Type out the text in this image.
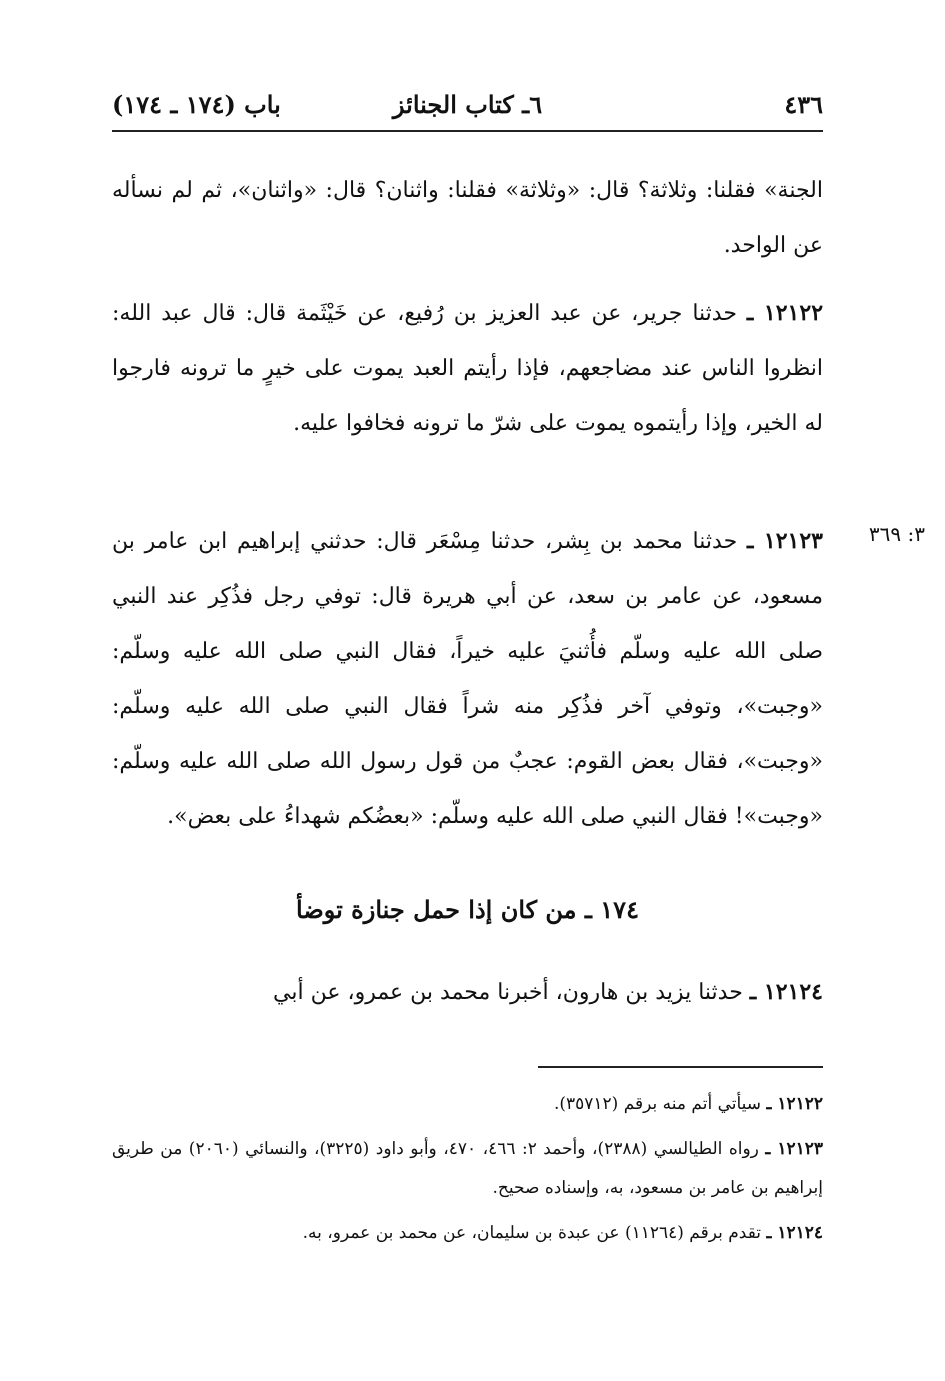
٤٣٦
٦ـ كتاب الجنائز
باب (١٧٤ ـ ١٧٤)
الجنة» فقلنا: وثلاثة؟ قال: «وثلاثة» فقلنا: واثنان؟ قال: «واثنان»، ثم لم نسأله عن الواحد.
١٢١٢٢ ـ حدثنا جرير، عن عبد العزيز بن رُفيع، عن خَيْثَمة قال: قال عبد الله: انظروا الناس عند مضاجعهم، فإذا رأيتم العبد يموت على خيرٍ ما ترونه فارجوا له الخير، وإذا رأيتموه يموت على شرّ ما ترونه فخافوا عليه.
٣: ٣٦٩
١٢١٢٣ ـ حدثنا محمد بن بِشر، حدثنا مِسْعَر قال: حدثني إبراهيم ابن عامر بن مسعود، عن عامر بن سعد، عن أبي هريرة قال: توفي رجل فذُكِر عند النبي صلى الله عليه وسلّم فأُثنيَ عليه خيراً، فقال النبي صلى الله عليه وسلّم: «وجبت»، وتوفي آخر فذُكِر منه شراً فقال النبي صلى الله عليه وسلّم: «وجبت»، فقال بعض القوم: عجبٌ من قول رسول الله صلى الله عليه وسلّم: «وجبت»! فقال النبي صلى الله عليه وسلّم: «بعضُكم شهداءُ على بعض».
١٧٤ ـ من كان إذا حمل جنازة توضأ
١٢١٢٤ ـ حدثنا يزيد بن هارون، أخبرنا محمد بن عمرو، عن أبي

١٢١٢٢ ـ سيأتي أتم منه برقم (٣٥٧١٢).

١٢١٢٣ ـ رواه الطيالسي (٢٣٨٨)، وأحمد ٢: ٤٦٦، ٤٧٠، وأبو داود (٣٢٢٥)، والنسائي (٢٠٦٠) من طريق إبراهيم بن عامر بن مسعود، به، وإسناده صحيح.

١٢١٢٤ ـ تقدم برقم (١١٢٦٤) عن عبدة بن سليمان، عن محمد بن عمرو، به.
